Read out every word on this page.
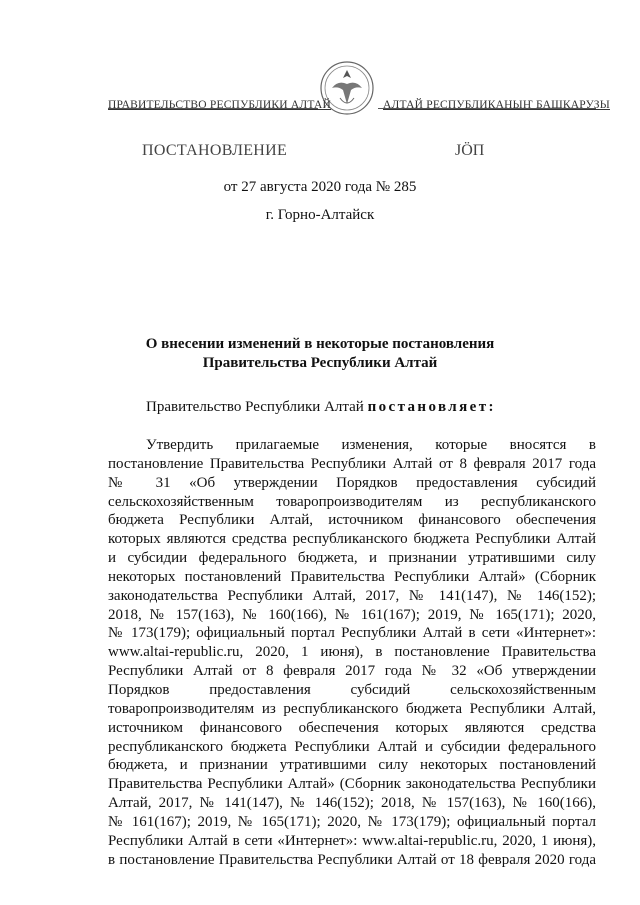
ПРАВИТЕЛЬСТВО РЕСПУБЛИКИ АЛТАЙ	АЛТАЙ РЕСПУБЛИКАНЫҤ БАШКАРУЗЫ
ПОСТАНОВЛЕНИЕ	ЈÖП
от 27 августа 2020 года № 285
г. Горно-Алтайск
О внесении изменений в некоторые постановления
Правительства Республики Алтай
Правительство Республики Алтай постановляет:
Утвердить прилагаемые изменения, которые вносятся в
постановление Правительства Республики Алтай от 8 февраля 2017 года
№ 31 «Об утверждении Порядков предоставления субсидий
сельскохозяйственным товаропроизводителям из республиканского
бюджета Республики Алтай, источником финансового обеспечения
которых являются средства республиканского бюджета Республики Алтай
и субсидии федерального бюджета, и признании утратившими силу
некоторых постановлений Правительства Республики Алтай» (Сборник
законодательства Республики Алтай, 2017, № 141(147), № 146(152);
2018, № 157(163), № 160(166), № 161(167); 2019, № 165(171); 2020,
№ 173(179); официальный портал Республики Алтай в сети «Интернет»:
www.altai-republic.ru, 2020, 1 июня), в постановление Правительства
Республики Алтай от 8 февраля 2017 года № 32 «Об утверждении
Порядков предоставления субсидий сельскохозяйственным
товаропроизводителям из республиканского бюджета Республики Алтай,
источником финансового обеспечения которых являются средства
республиканского бюджета Республики Алтай и субсидии федерального
бюджета, и признании утратившими силу некоторых постановлений
Правительства Республики Алтай» (Сборник законодательства Республики
Алтай, 2017, № 141(147), № 146(152); 2018, № 157(163), № 160(166),
№ 161(167); 2019, № 165(171); 2020, № 173(179); официальный портал
Республики Алтай в сети «Интернет»: www.altai-republic.ru, 2020, 1 июня),
в постановление Правительства Республики Алтай от 18 февраля 2020 года
